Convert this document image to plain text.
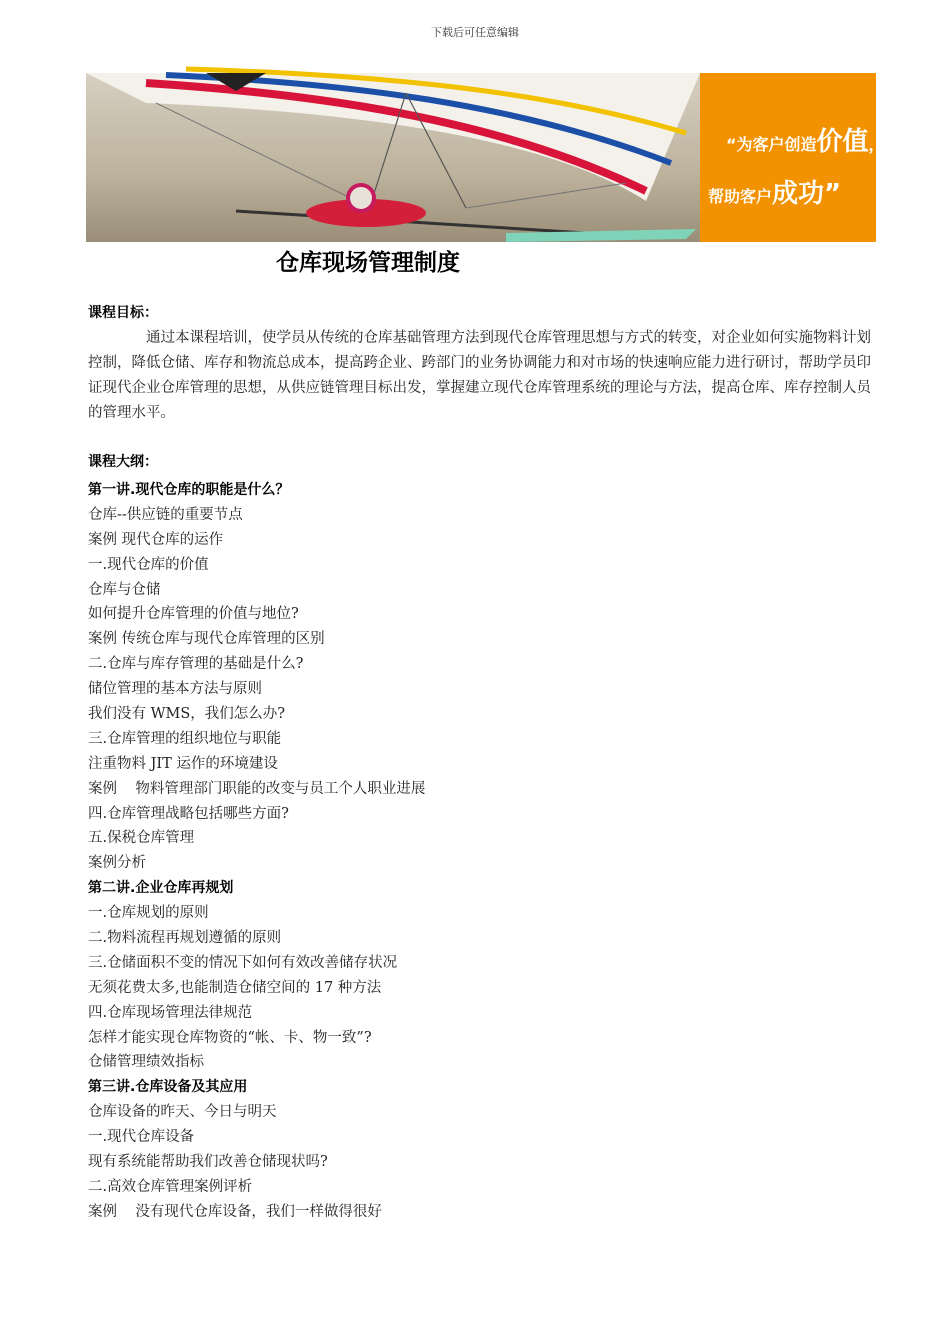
下载后可任意编辑
“为客户创造价值，
帮助客户成功”
仓库现场管理制度
课程目标：
通过本课程培训，使学员从传统的仓库基础管理方法到现代仓库管理思想与方式的转变，对企业如何实施物料计划控制，降低仓储、库存和物流总成本，提高跨企业、跨部门的业务协调能力和对市场的快速响应能力进行研讨，帮助学员印证现代企业仓库管理的思想，从供应链管理目标出发，掌握建立现代仓库管理系统的理论与方法，提高仓库、库存控制人员的管理水平。
课程大纲：
第一讲.现代仓库的职能是什么？
仓库--供应链的重要节点
案例 现代仓库的运作
一.现代仓库的价值
仓库与仓储
如何提升仓库管理的价值与地位?
案例 传统仓库与现代仓库管理的区别
二.仓库与库存管理的基础是什么?
储位管理的基本方法与原则
我们没有 WMS，我们怎么办?
三.仓库管理的组织地位与职能
注重物料 JIT 运作的环境建设
案例    物料管理部门职能的改变与员工个人职业进展
四.仓库管理战略包括哪些方面?
五.保税仓库管理
案例分析
第二讲.企业仓库再规划
一.仓库规划的原则
二.物料流程再规划遵循的原则
三.仓储面积不变的情况下如何有效改善储存状况
无须花费太多,也能制造仓储空间的 17 种方法
四.仓库现场管理法律规范
怎样才能实现仓库物资的“帐、卡、物一致”?
仓储管理绩效指标
第三讲.仓库设备及其应用
仓库设备的昨天、今日与明天
一.现代仓库设备
现有系统能帮助我们改善仓储现状吗?
二.高效仓库管理案例评析
案例    没有现代仓库设备，我们一样做得很好
